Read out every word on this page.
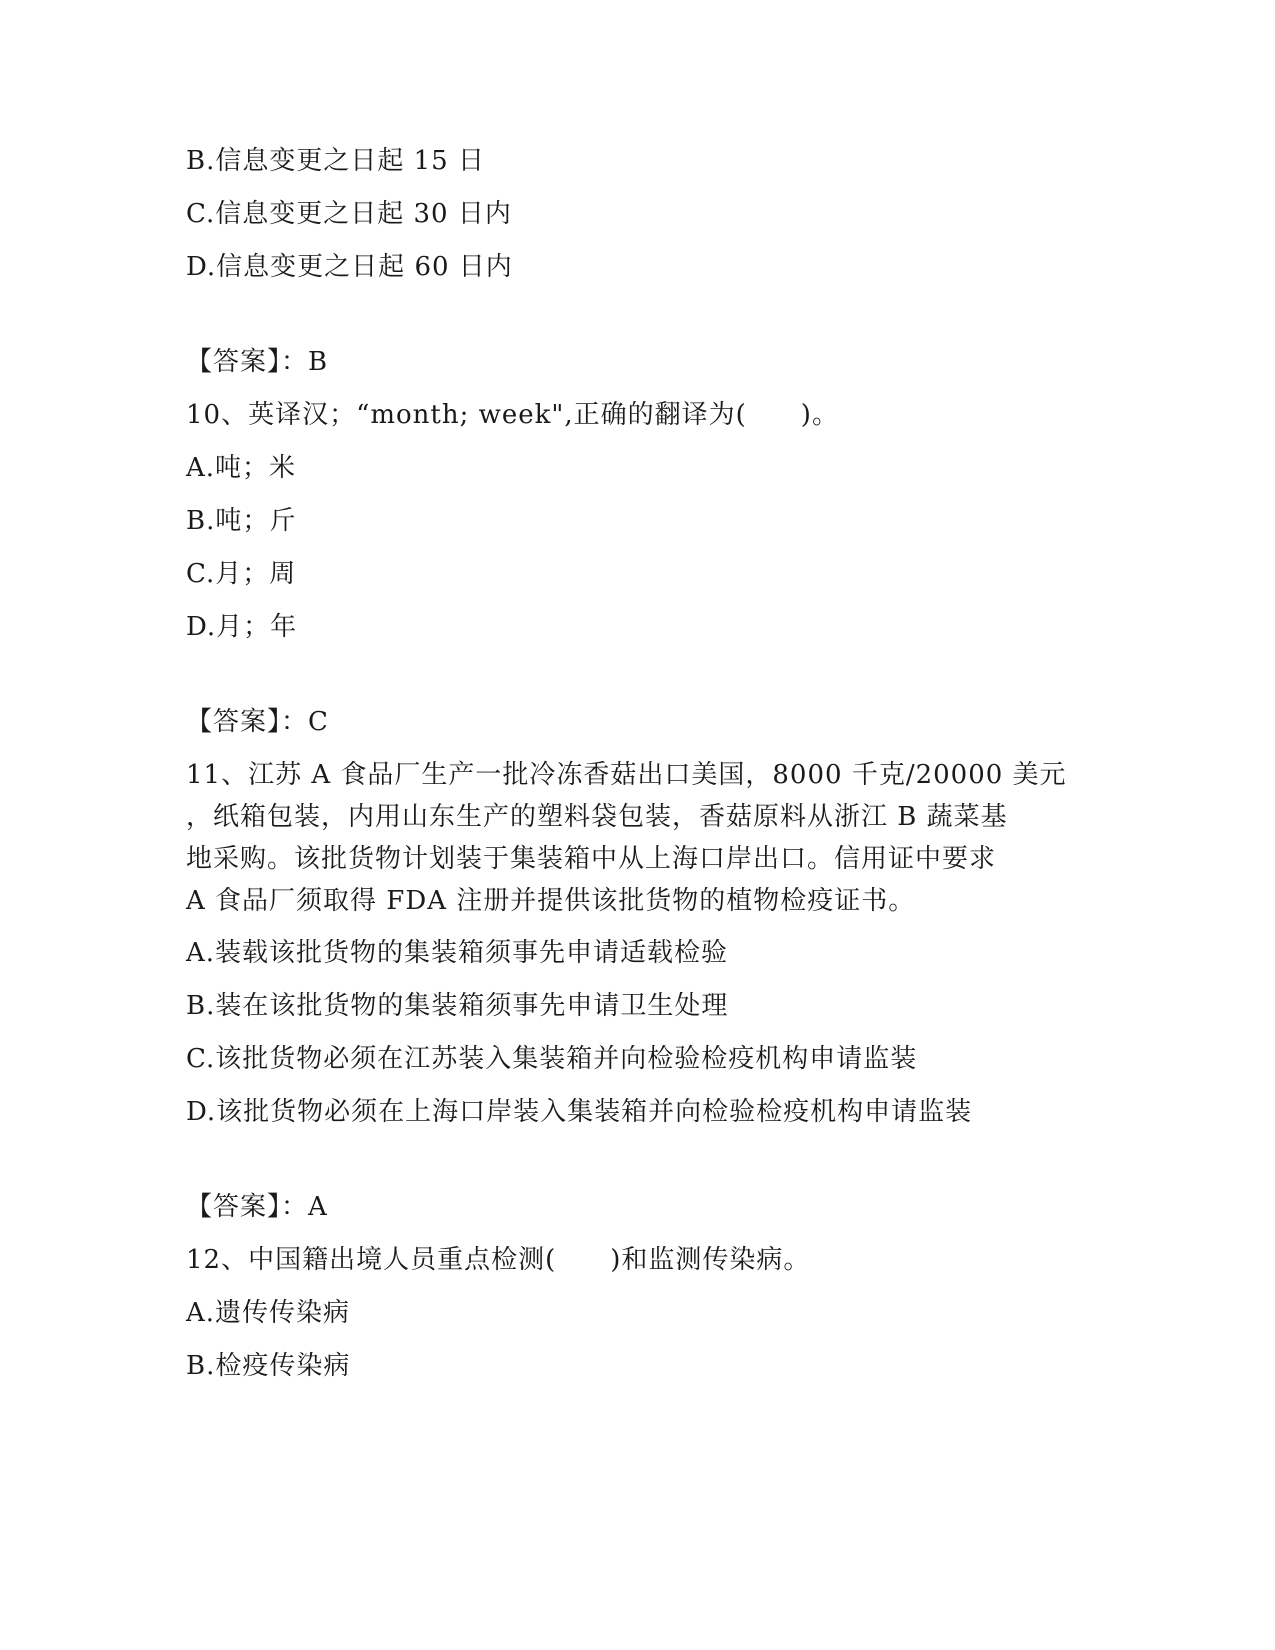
B.信息变更之日起 15 日
C.信息变更之日起 30 日内
D.信息变更之日起 60 日内
【答案】：B
10、英译汉；“month; week",正确的翻译为(　　)。
A.吨；米
B.吨；斤
C.月；周
D.月；年
【答案】：C
11、江苏 A 食品厂生产一批冷冻香菇出口美国，8000 千克/20000 美元
，纸箱包装，内用山东生产的塑料袋包装，香菇原料从浙江 B 蔬菜基
地采购。该批货物计划装于集装箱中从上海口岸出口。信用证中要求
A 食品厂须取得 FDA 注册并提供该批货物的植物检疫证书。
A.装载该批货物的集装箱须事先申请适载检验
B.装在该批货物的集装箱须事先申请卫生处理
C.该批货物必须在江苏装入集装箱并向检验检疫机构申请监装
D.该批货物必须在上海口岸装入集装箱并向检验检疫机构申请监装
【答案】：A
12、中国籍出境人员重点检测(　　)和监测传染病。
A.遗传传染病
B.检疫传染病
